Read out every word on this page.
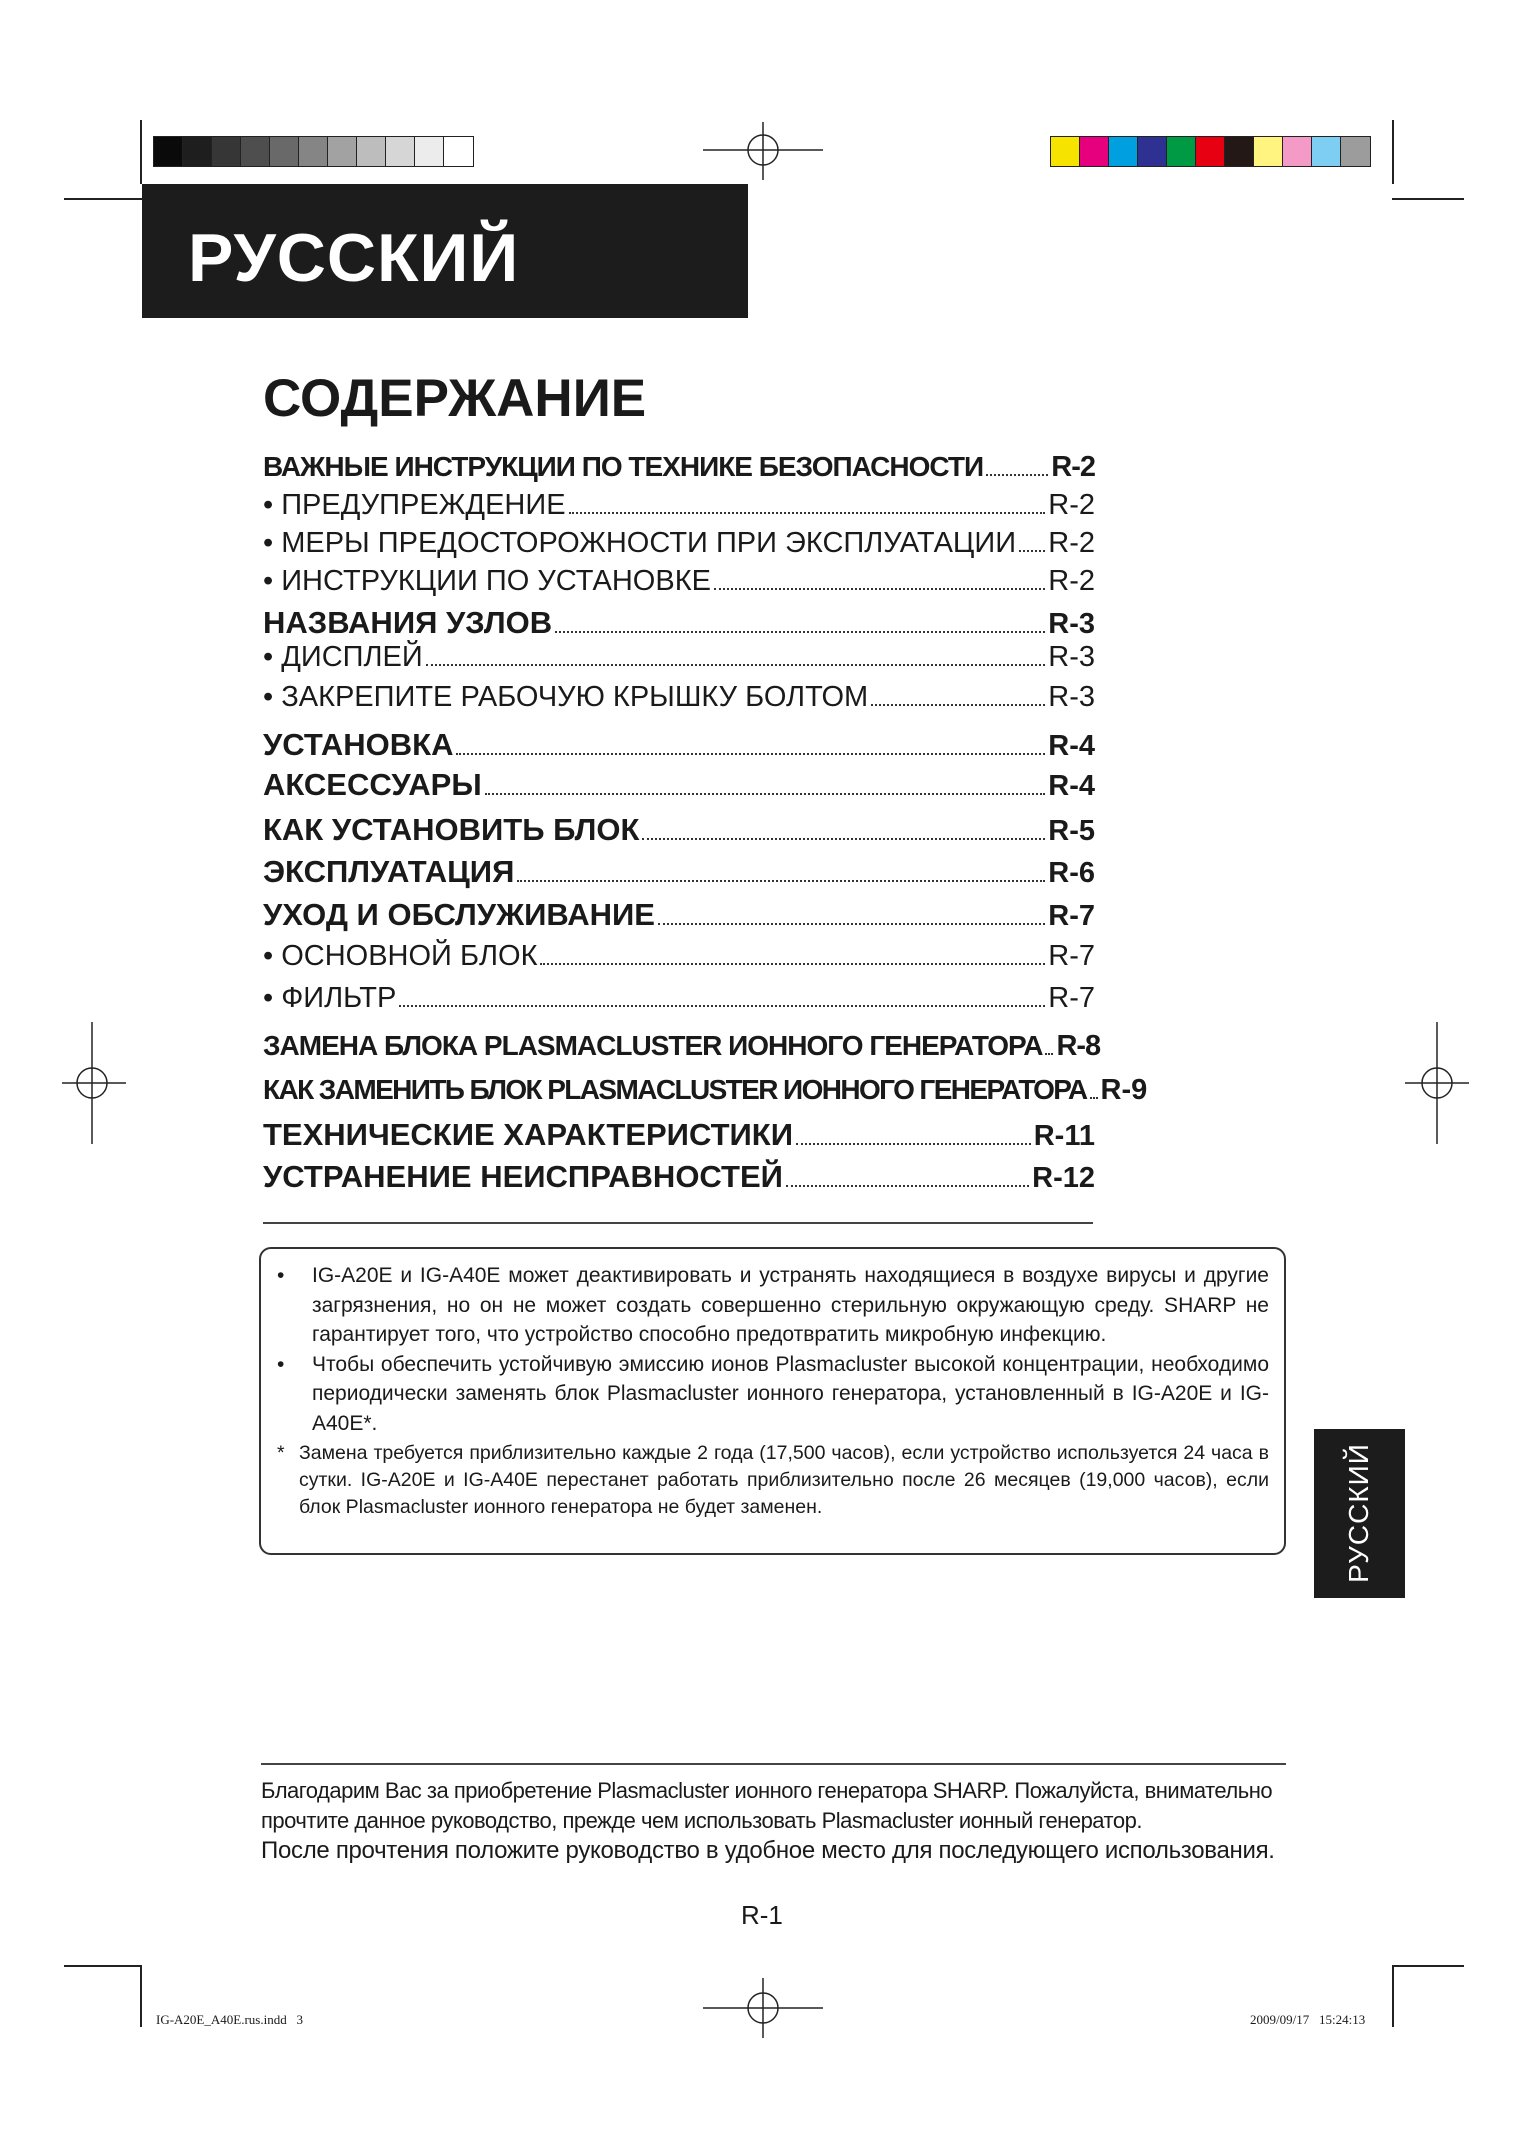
РУССКИЙ
СОДЕРЖАНИЕ
ВАЖНЫЕ ИНСТРУКЦИИ ПО ТЕХНИКЕ БЕЗОПАСНОСТИ R-2
• ПРЕДУПРЕЖДЕНИЕ	R-2
• МЕРЫ ПРЕДОСТОРОЖНОСТИ ПРИ ЭКСПЛУАТАЦИИ R-2
• ИНСТРУКЦИИ ПО УСТАНОВКЕ	R-2
НАЗВАНИЯ УЗЛОВ	R-3
• ДИСПЛЕЙ	R-3
• ЗАКРЕПИТЕ РАБОЧУЮ КРЫШКУ БОЛТОМ	R-3
УСТАНОВКА	R-4
АКСЕССУАРЫ	R-4
КАК УСТАНОВИТЬ БЛОК	R-5
ЭКСПЛУАТАЦИЯ	R-6
УХОД И ОБСЛУЖИВАНИЕ	R-7
• ОСНОВНОЙ БЛОК	R-7
• ФИЛЬТР	R-7
ЗАМЕНА БЛОКА PLASMACLUSTER ИОННОГО ГЕНЕРАТОРА R-8
КАК ЗАМЕНИТЬ БЛОК PLASMACLUSTER ИОННОГО ГЕНЕРАТОРА R-9
ТЕХНИЧЕСКИЕ ХАРАКТЕРИСТИКИ	R-11
УСТРАНЕНИЕ НЕИСПРАВНОСТЕЙ	R-12

• IG-A20E и IG-A40E может деактивировать и устранять находящиеся в воздухе вирусы и другие загрязнения, но он не может создать совершенно стерильную окружающую среду. SHARP не гарантирует того, что устройство способно предотвратить микробную инфекцию.

• Чтобы обеспечить устойчивую эмиссию ионов Plasmacluster высокой концентрации, необходимо периодически заменять блок Plasmacluster ионного генератора, установленный в IG-A20E и IG-A40E*.

* Замена требуется приблизительно каждые 2 года (17,500 часов), если устройство используется 24 часа в сутки. IG-A20E и IG-A40E перестанет работать приблизительно после 26 месяцев (19,000 часов), если блок Plasmacluster ионного генератора не будет заменен.	РУССКИЙ

Благодарим Вас за приобретение Plasmacluster ионного генератора SHARP. Пожалуйста, внимательно

прочтите данное руководство, прежде чем использовать Plasmacluster ионный генератор.

После прочтения положите руководство в удобное место для последующего использования.

R-1
IG-A20E_A40E.rus.indd   3	2009/09/17   15:24:13
